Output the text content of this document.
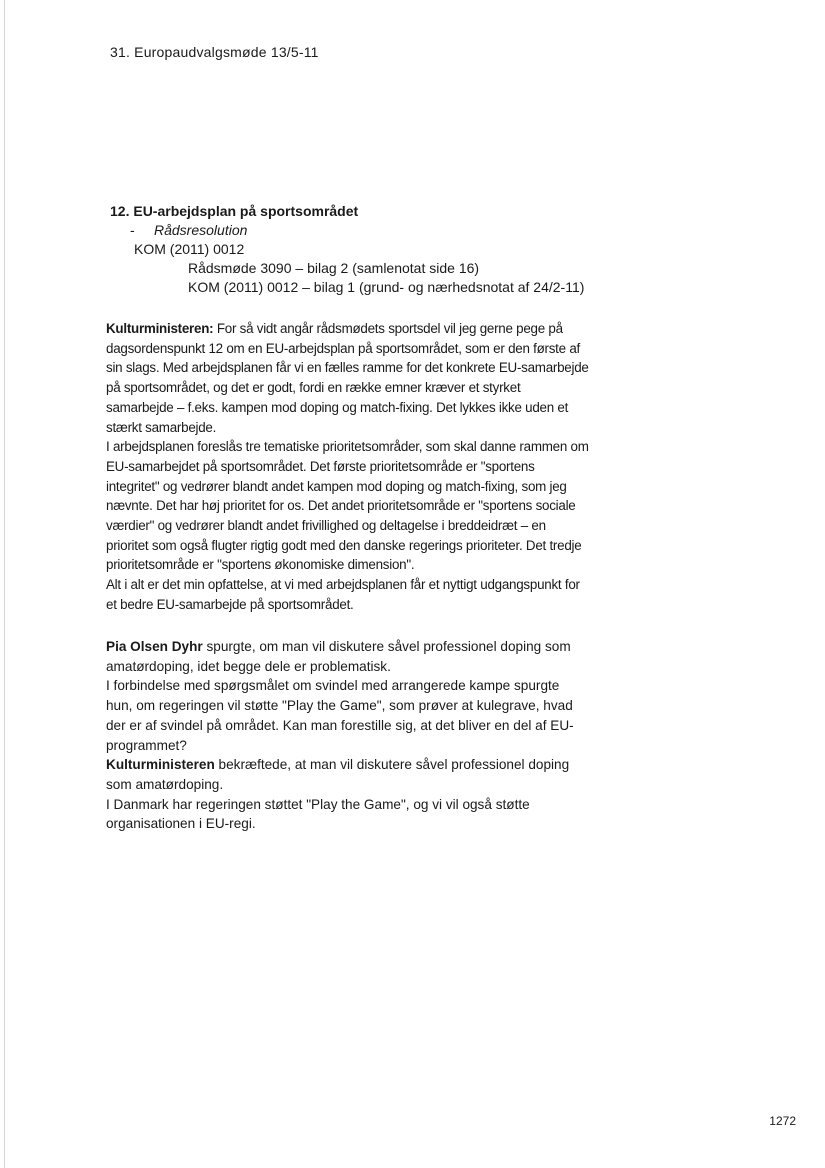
31. Europaudvalgsmøde 13/5-11
12. EU-arbejdsplan på sportsområdet
- Rådsresolution
KOM (2011) 0012
Rådsmøde 3090 – bilag 2 (samlenotat side 16)
KOM (2011) 0012 – bilag 1 (grund- og nærhedsnotat af 24/2-11)

Kulturministeren: For så vidt angår rådsmødets sportsdel vil jeg gerne pege på dagsordenspunkt 12 om en EU-arbejdsplan på sportsområdet, som er den første af sin slags. Med arbejdsplanen får vi en fælles ramme for det konkrete EU-samarbejde på sportsområdet, og det er godt, fordi en række emner kræver et styrket samarbejde – f.eks. kampen mod doping og match-fixing. Det lykkes ikke uden et stærkt samarbejde.

I arbejdsplanen foreslås tre tematiske prioritetsområder, som skal danne rammen om EU-samarbejdet på sportsområdet. Det første prioritetsområde er "sportens integritet" og vedrører blandt andet kampen mod doping og match-fixing, som jeg nævnte. Det har høj prioritet for os. Det andet prioritetsområde er "sportens sociale værdier" og vedrører blandt andet frivillighed og deltagelse i breddeidræt – en prioritet som også flugter rigtig godt med den danske regerings prioriteter. Det tredje prioritetsområde er "sportens økonomiske dimension".

Alt i alt er det min opfattelse, at vi med arbejdsplanen får et nyttigt udgangspunkt for et bedre EU-samarbejde på sportsområdet.

Pia Olsen Dyhr spurgte, om man vil diskutere såvel professionel doping som amatørdoping, idet begge dele er problematisk.

I forbindelse med spørgsmålet om svindel med arrangerede kampe spurgte hun, om regeringen vil støtte "Play the Game", som prøver at kulegrave, hvad der er af svindel på området. Kan man forestille sig, at det bliver en del af EU-programmet?

Kulturministeren bekræftede, at man vil diskutere såvel professionel doping som amatørdoping.

I Danmark har regeringen støttet "Play the Game", og vi vil også støtte organisationen i EU-regi.

1272
